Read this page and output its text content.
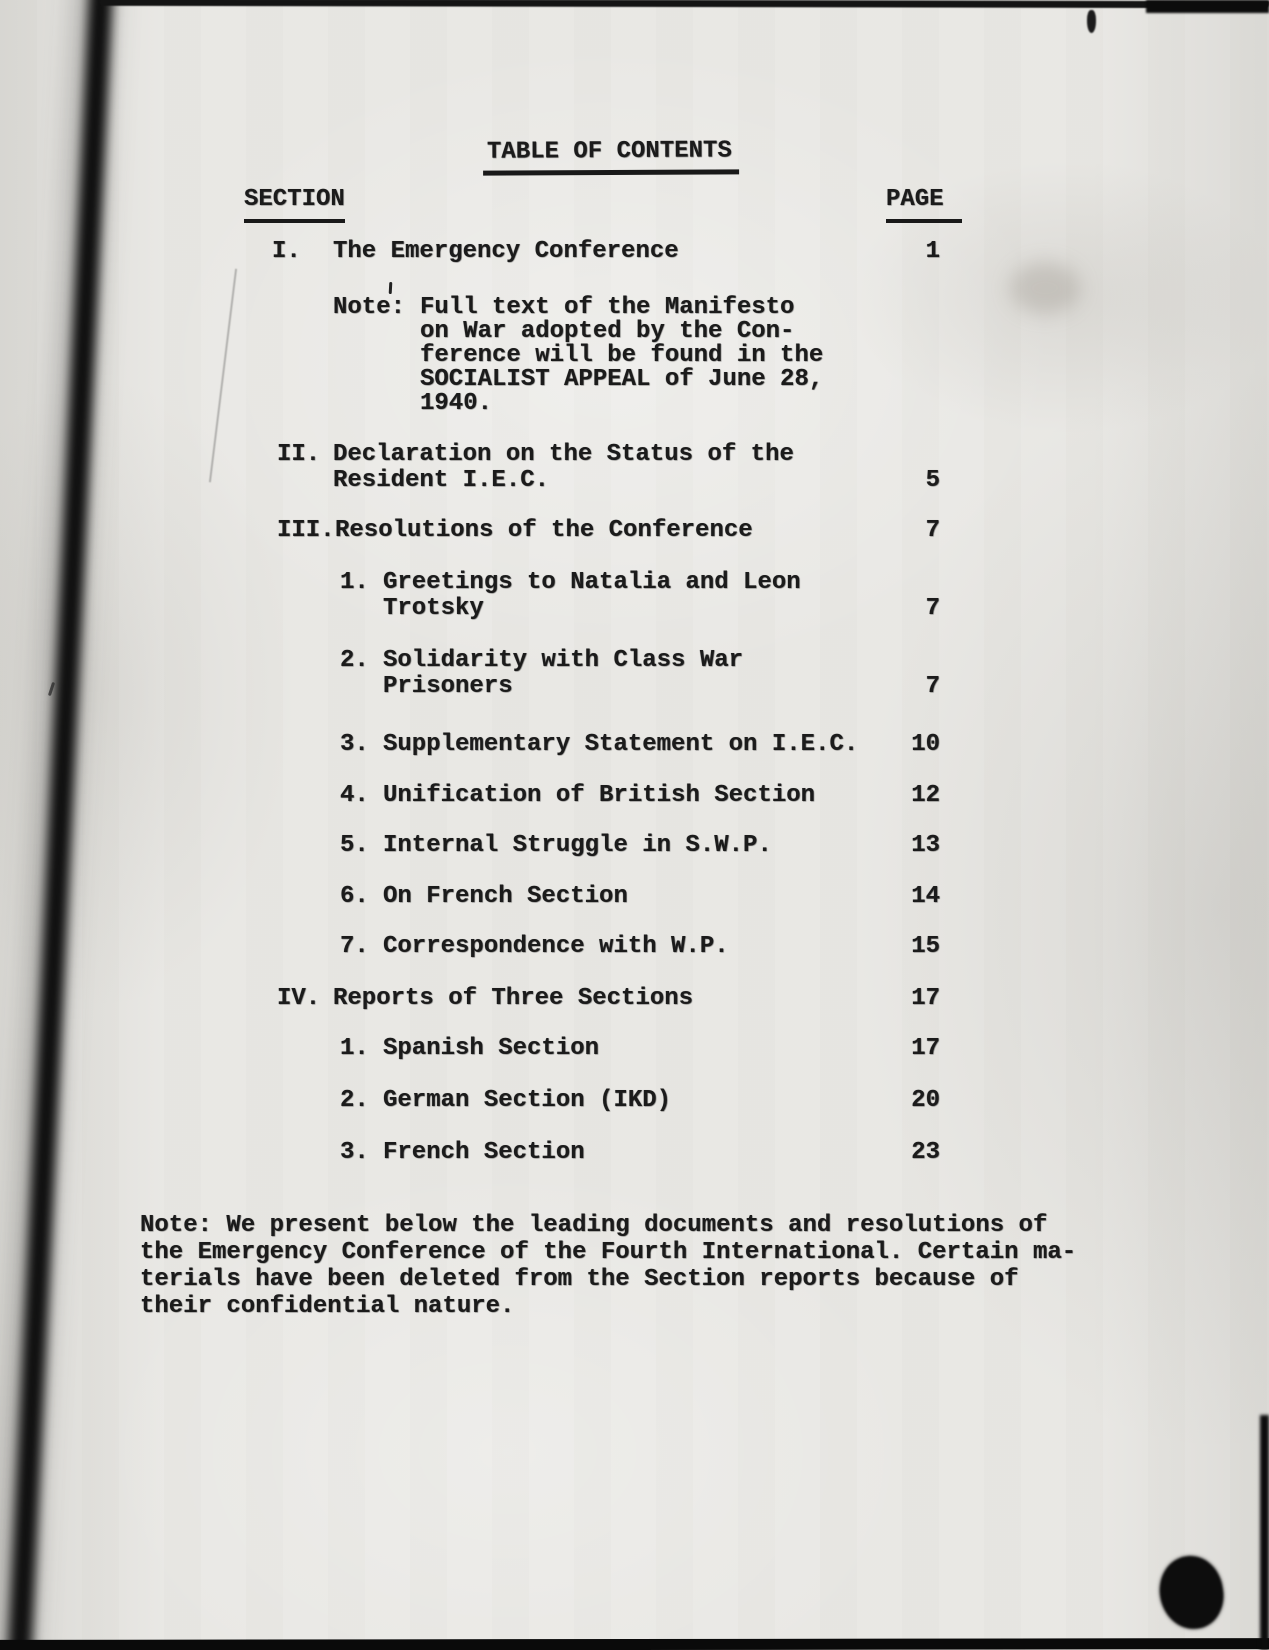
TABLE OF CONTENTS
SECTION	PAGE
I. The Emergency Conference	1
Note: Full text of the Manifesto
on War adopted by the Con-
ference will be found in the
SOCIALIST APPEAL of June 28,
1940.
II. Declaration on the Status of the
Resident I.E.C.	5
III. Resolutions of the Conference	7
1. Greetings to Natalia and Leon
Trotsky	7
2. Solidarity with Class War
Prisoners	7
3. Supplementary Statement on I.E.C.	10
4. Unification of British Section	12
5. Internal Struggle in S.W.P.	13
6. On French Section	14
7. Correspondence with W.P.	15
IV. Reports of Three Sections	17
1. Spanish Section	17
2. German Section (IKD)	20
3. French Section	23
Note: We present below the leading documents and resolutions of
the Emergency Conference of the Fourth International. Certain ma-
terials have been deleted from the Section reports because of
their confidential nature.
